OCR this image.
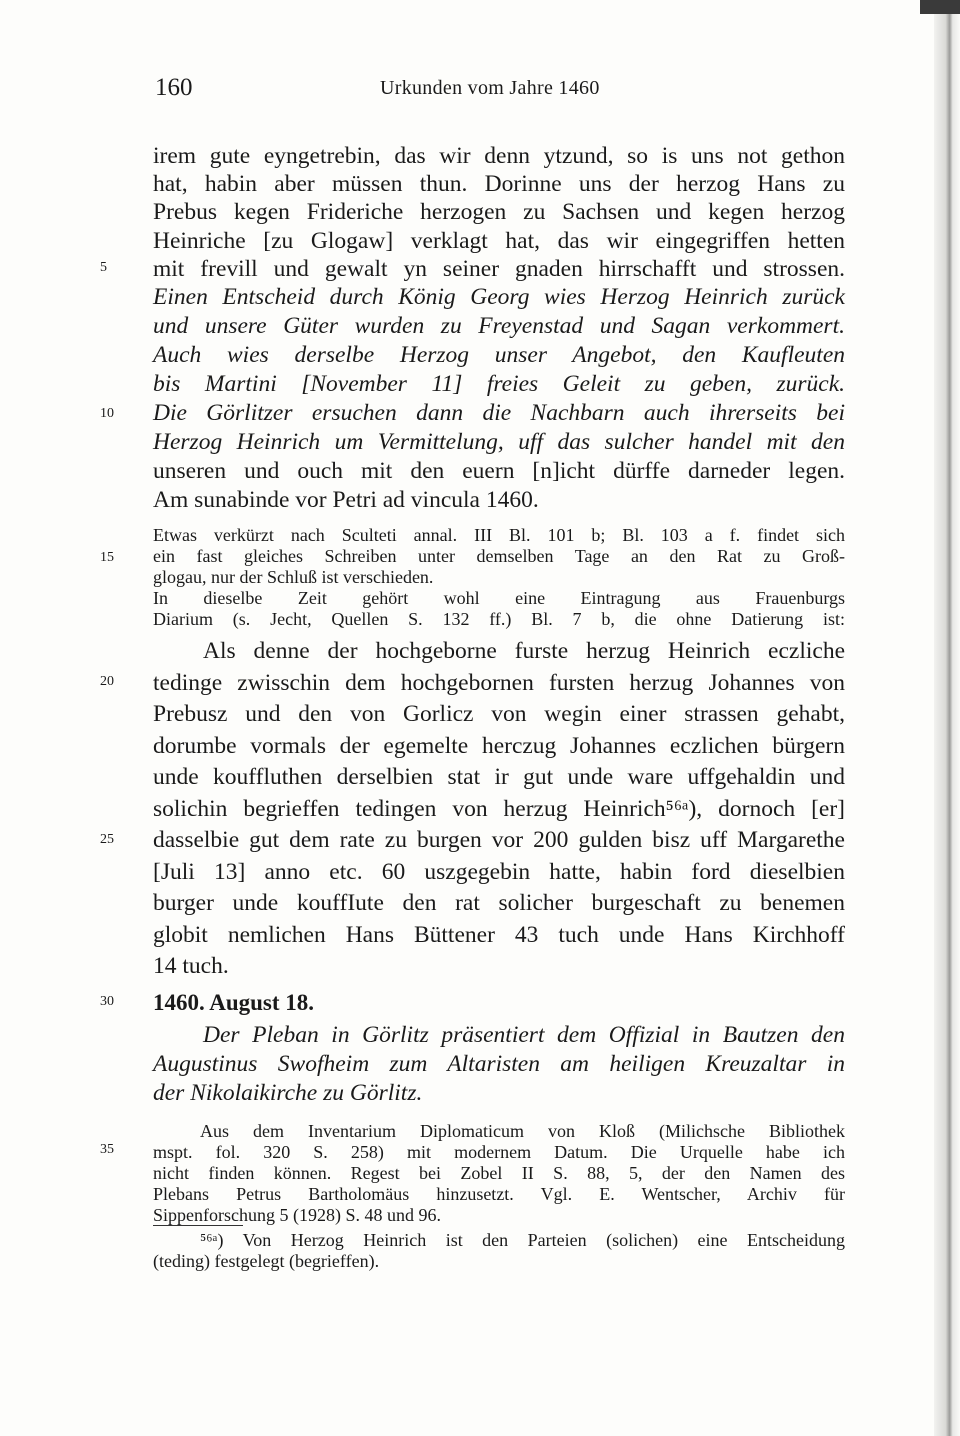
160	Urkunden vom Jahre 1460
5
10
15
20
25
30
35
irem gute eyngetrebin, das wir denn ytzund, so is uns not gethon
hat, habin aber müssen thun. Dorinne uns der herzog Hans zu
Prebus kegen Frideriche herzogen zu Sachsen und kegen herzog
Heinriche [zu Glogaw] verklagt hat, das wir eingegriffen hetten
mit frevill und gewalt yn seiner gnaden hirrschafft und strossen.
Einen Entscheid durch König Georg wies Herzog Heinrich zurück
und unsere Güter wurden zu Freyenstad und Sagan verkommert.
Auch wies derselbe Herzog unser Angebot, den Kaufleuten
bis Martini [November 11] freies Geleit zu geben, zurück.
Die Görlitzer ersuchen dann die Nachbarn auch ihrerseits bei
Herzog Heinrich um Vermittelung, uff das sulcher handel mit den
unseren und ouch mit den euern [n]icht dürffe darneder legen.
Am sunabinde vor Petri ad vincula 1460.
Etwas verkürzt nach Sculteti annal. III Bl. 101 b; Bl. 103 a f. findet sich
ein fast gleiches Schreiben unter demselben Tage an den Rat zu Groß-
glogau, nur der Schluß ist verschieden.
In dieselbe Zeit gehört wohl eine Eintragung aus Frauenburgs
Diarium (s. Jecht, Quellen S. 132 ff.) Bl. 7 b, die ohne Datierung ist:
Als denne der hochgeborne furste herzug Heinrich eczliche
tedinge zwisschin dem hochgebornen fursten herzug Johannes von
Prebusz und den von Gorlicz von wegin einer strassen gehabt,
dorumbe vormals der egemelte herczug Johannes eczlichen bürgern
unde kouffluthen derselbien stat ir gut unde ware uffgehaldin und
solichin begrieffen tedingen von herzug Heinrich⁵⁶ᵃ), dornoch [er]
dasselbie gut dem rate zu burgen vor 200 gulden bisz uff Margarethe
[Juli 13] anno etc. 60 uszgegebin hatte, habin ford dieselbien
burger unde kouffIute den rat solicher burgeschaft zu benemen
globit nemlichen Hans Büttener 43 tuch unde Hans Kirchhoff
14 tuch.
1460. August 18.
Der Pleban in Görlitz präsentiert dem Offizial in Bautzen den
Augustinus Swofheim zum Altaristen am heiligen Kreuzaltar in
der Nikolaikirche zu Görlitz.
Aus dem Inventarium Diplomaticum von Kloß (Milichsche Bibliothek
mspt. fol. 320 S. 258) mit modernem Datum. Die Urquelle habe ich
nicht finden können. Regest bei Zobel II S. 88, 5, der den Namen des
Plebans Petrus Bartholomäus hinzusetzt. Vgl. E. Wentscher, Archiv für
Sippenforschung 5 (1928) S. 48 und 96.
⁵⁶ᵃ) Von Herzog Heinrich ist den Parteien (solichen) eine Entscheidung
(teding) festgelegt (begrieffen).
